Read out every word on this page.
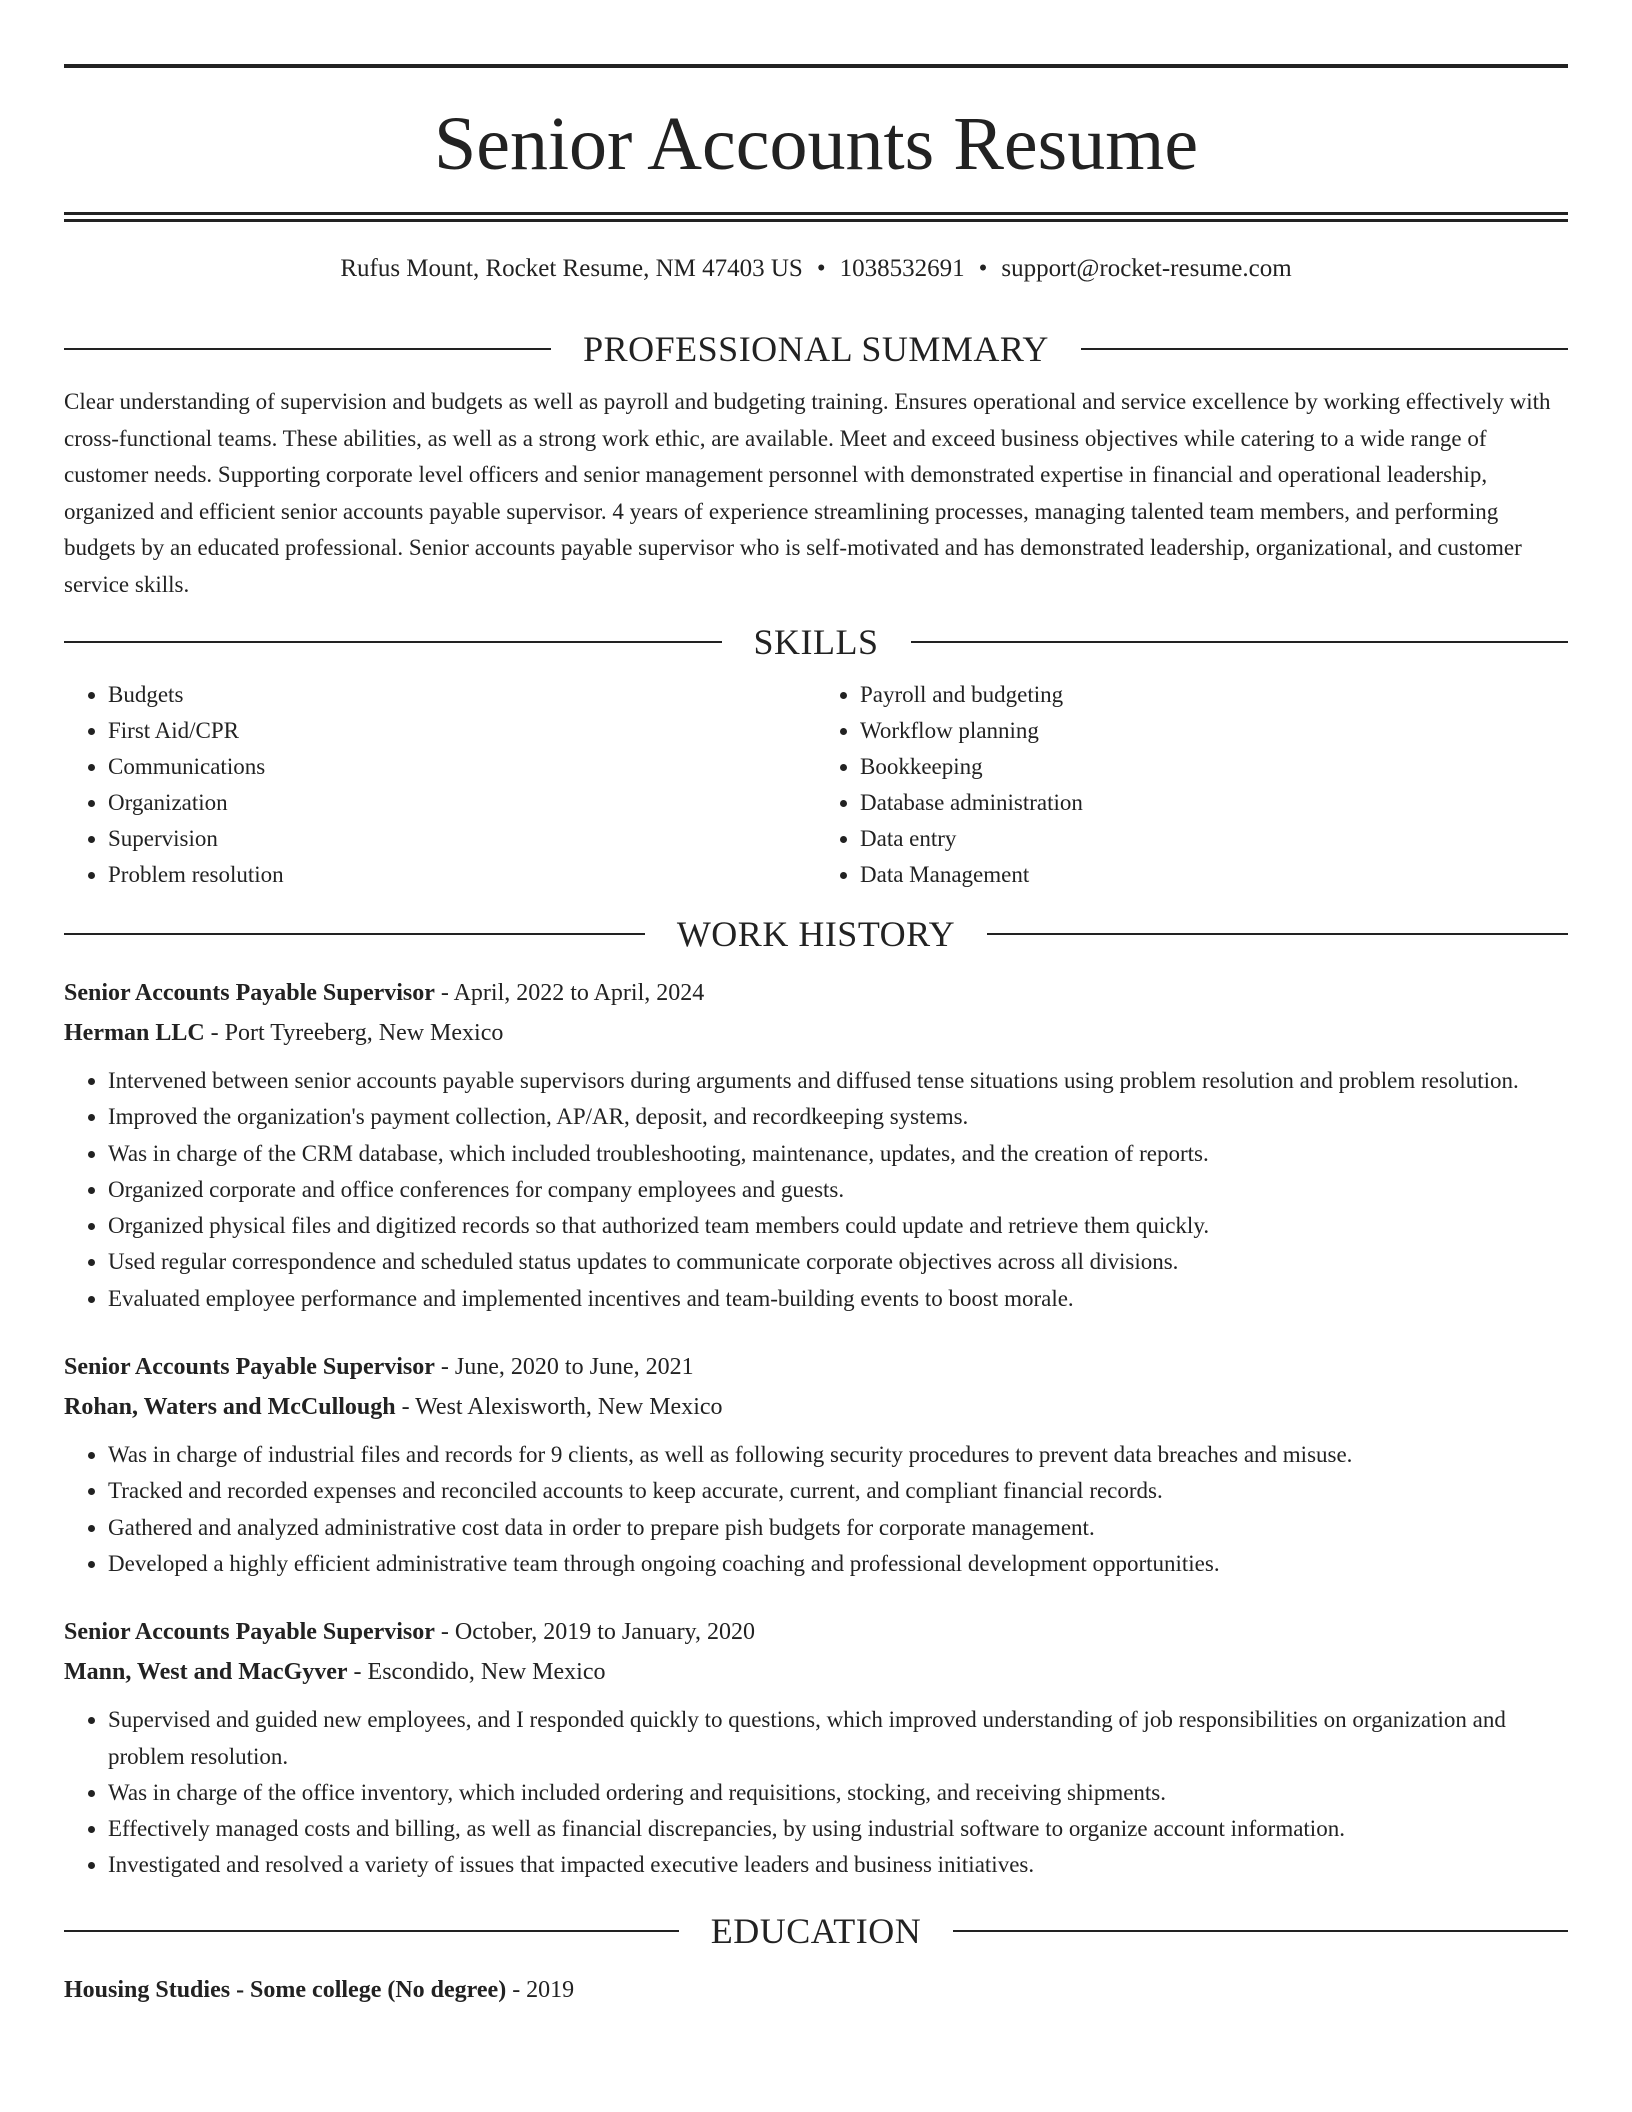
Senior Accounts Resume
Rufus Mount, Rocket Resume, NM 47403 US • 1038532691 • support@rocket-resume.com
PROFESSIONAL SUMMARY
Clear understanding of supervision and budgets as well as payroll and budgeting training. Ensures operational and service excellence by working effectively with cross-functional teams. These abilities, as well as a strong work ethic, are available. Meet and exceed business objectives while catering to a wide range of customer needs. Supporting corporate level officers and senior management personnel with demonstrated expertise in financial and operational leadership, organized and efficient senior accounts payable supervisor. 4 years of experience streamlining processes, managing talented team members, and performing budgets by an educated professional. Senior accounts payable supervisor who is self-motivated and has demonstrated leadership, organizational, and customer service skills.
SKILLS
• Budgets
• First Aid/CPR
• Communications
• Organization
• Supervision
• Problem resolution
• Payroll and budgeting
• Workflow planning
• Bookkeeping
• Database administration
• Data entry
• Data Management
WORK HISTORY
Senior Accounts Payable Supervisor - April, 2022 to April, 2024
Herman LLC - Port Tyreeberg, New Mexico
• Intervened between senior accounts payable supervisors during arguments and diffused tense situations using problem resolution and problem resolution.
• Improved the organization's payment collection, AP/AR, deposit, and recordkeeping systems.
• Was in charge of the CRM database, which included troubleshooting, maintenance, updates, and the creation of reports.
• Organized corporate and office conferences for company employees and guests.
• Organized physical files and digitized records so that authorized team members could update and retrieve them quickly.
• Used regular correspondence and scheduled status updates to communicate corporate objectives across all divisions.
• Evaluated employee performance and implemented incentives and team-building events to boost morale.
Senior Accounts Payable Supervisor - June, 2020 to June, 2021
Rohan, Waters and McCullough - West Alexisworth, New Mexico
• Was in charge of industrial files and records for 9 clients, as well as following security procedures to prevent data breaches and misuse.
• Tracked and recorded expenses and reconciled accounts to keep accurate, current, and compliant financial records.
• Gathered and analyzed administrative cost data in order to prepare pish budgets for corporate management.
• Developed a highly efficient administrative team through ongoing coaching and professional development opportunities.
Senior Accounts Payable Supervisor - October, 2019 to January, 2020
Mann, West and MacGyver - Escondido, New Mexico
• Supervised and guided new employees, and I responded quickly to questions, which improved understanding of job responsibilities on organization and problem resolution.
• Was in charge of the office inventory, which included ordering and requisitions, stocking, and receiving shipments.
• Effectively managed costs and billing, as well as financial discrepancies, by using industrial software to organize account information.
• Investigated and resolved a variety of issues that impacted executive leaders and business initiatives.
EDUCATION
Housing Studies - Some college (No degree) - 2019
